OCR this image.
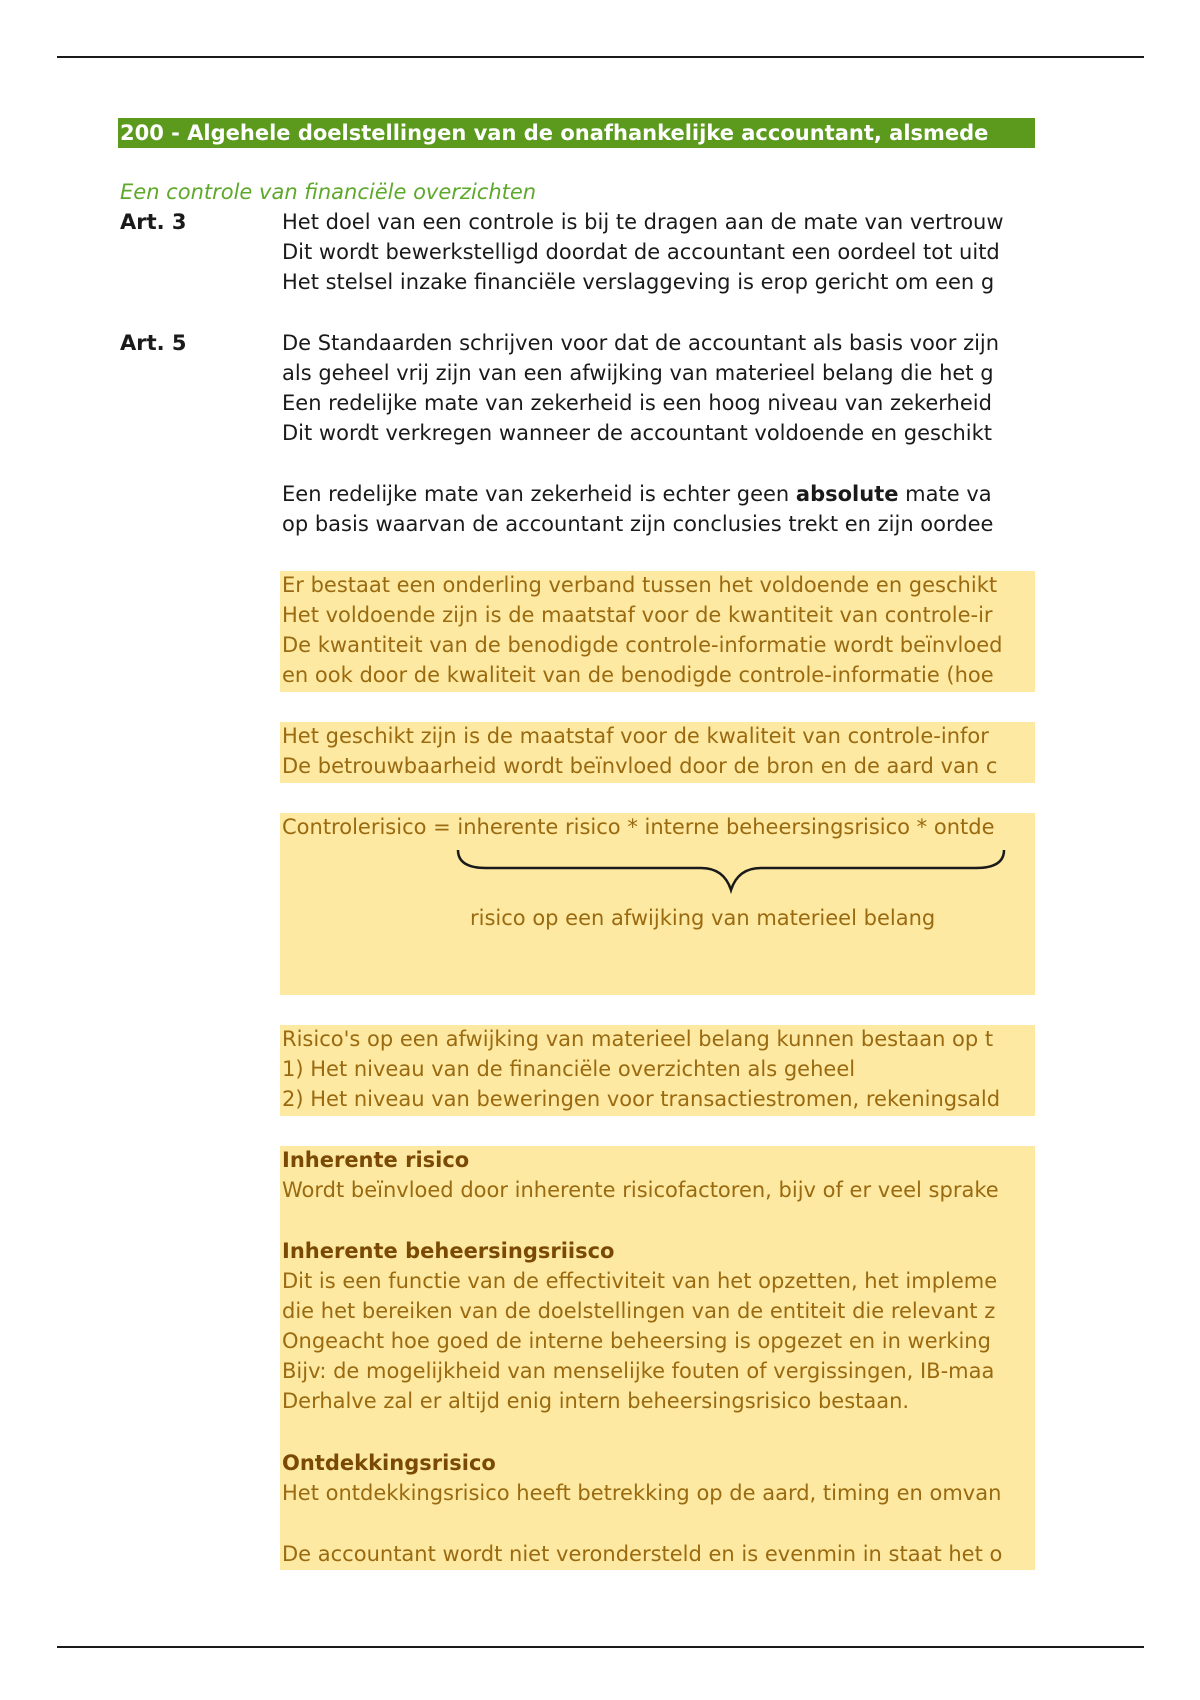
200 - Algehele doelstellingen van de onafhankelijke accountant, alsmede
Een controle van financiële overzichten
Art. 3	Het doel van een controle is bij te dragen aan de mate van vertrouw
Dit wordt bewerkstelligd doordat de accountant een oordeel tot uitd
Het stelsel inzake financiële verslaggeving is erop gericht om een g
Art. 5	De Standaarden schrijven voor dat de accountant als basis voor zijn
als geheel vrij zijn van een afwijking van materieel belang die het g
Een redelijke mate van zekerheid is een hoog niveau van zekerheid
Dit wordt verkregen wanneer de accountant voldoende en geschikt
Een redelijke mate van zekerheid is echter geen absolute mate va
op basis waarvan de accountant zijn conclusies trekt en zijn oordee
Er bestaat een onderling verband tussen het voldoende en geschikt
Het voldoende zijn is de maatstaf voor de kwantiteit van controle-ir
De kwantiteit van de benodigde controle-informatie wordt beïnvloed
en ook door de kwaliteit van de benodigde controle-informatie (hoe
Het geschikt zijn is de maatstaf voor de kwaliteit van controle-infor
De betrouwbaarheid wordt beïnvloed door de bron en de aard van c
Controlerisico = inherente risico * interne beheersingsrisico * ontde
risico op een afwijking van materieel belang
Risico's op een afwijking van materieel belang kunnen bestaan op t
1) Het niveau van de financiële overzichten als geheel
2) Het niveau van beweringen voor transactiestromen, rekeningsald
Inherente risico
Wordt beïnvloed door inherente risicofactoren, bijv of er veel sprake
Inherente beheersingsriisco
Dit is een functie van de effectiviteit van het opzetten, het impleme
die het bereiken van de doelstellingen van de entiteit die relevant z
Ongeacht hoe goed de interne beheersing is opgezet en in werking
Bijv: de mogelijkheid van menselijke fouten of vergissingen, IB-maa
Derhalve zal er altijd enig intern beheersingsrisico bestaan.
Ontdekkingsrisico
Het ontdekkingsrisico heeft betrekking op de aard, timing en omvan
De accountant wordt niet verondersteld en is evenmin in staat het o
